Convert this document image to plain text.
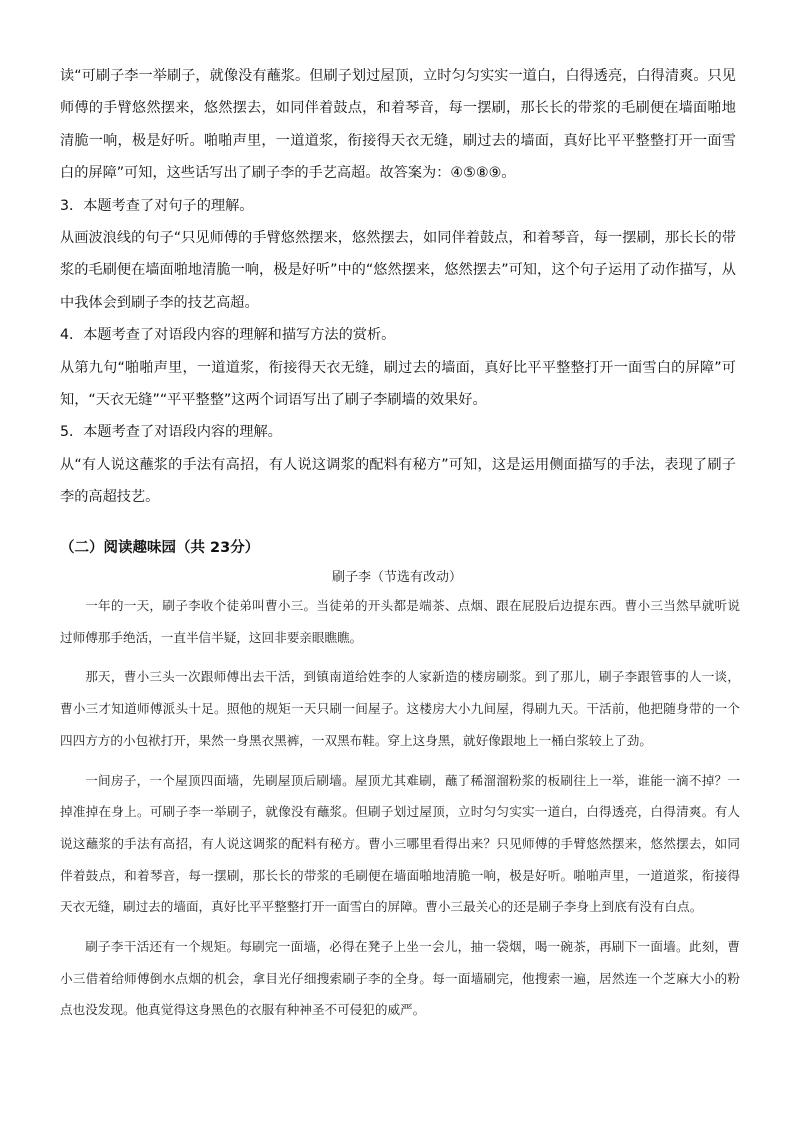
读“可刷子李一举刷子，就像没有蘸浆。但刷子划过屋顶，立时匀匀实实一道白，白得透亮，白得清爽。只见师傅的手臂悠然摆来，悠然摆去，如同伴着鼓点，和着琴音，每一摆刷，那长长的带浆的毛刷便在墙面啪地清脆一响，极是好听。啪啪声里，一道道浆，衔接得天衣无缝，刷过去的墙面，真好比平平整整打开一面雪白的屏障”可知，这些话写出了刷子李的手艺高超。故答案为：④⑤⑧⑨。

3．本题考查了对句子的理解。

从画波浪线的句子“只见师傅的手臂悠然摆来，悠然摆去，如同伴着鼓点，和着琴音，每一摆刷，那长长的带浆的毛刷便在墙面啪地清脆一响，极是好听”中的“悠然摆来，悠然摆去”可知，这个句子运用了动作描写，从中我体会到刷子李的技艺高超。

4．本题考查了对语段内容的理解和描写方法的赏析。

从第九句“啪啪声里，一道道浆，衔接得天衣无缝，刷过去的墙面，真好比平平整整打开一面雪白的屏障”可知，“天衣无缝”“平平整整”这两个词语写出了刷子李刷墙的效果好。

5．本题考查了对语段内容的理解。

从“有人说这蘸浆的手法有高招，有人说这调浆的配料有秘方”可知，这是运用侧面描写的手法，表现了刷子李的高超技艺。

（二）阅读趣味园（共 23分）
刷子李（节选有改动）

一年的一天，刷子李收个徒弟叫曹小三。当徒弟的开头都是端茶、点烟、跟在屁股后边提东西。曹小三当然早就听说过师傅那手绝活，一直半信半疑，这回非要亲眼瞧瞧。

那天，曹小三头一次跟师傅出去干活，到镇南道给姓李的人家新造的楼房刷浆。到了那儿，刷子李跟管事的人一谈，曹小三才知道师傅派头十足。照他的规矩一天只刷一间屋子。这楼房大小九间屋，得刷九天。干活前，他把随身带的一个四四方方的小包袱打开，果然一身黑衣黑裤，一双黑布鞋。穿上这身黑，就好像跟地上一桶白浆较上了劲。

一间房子，一个屋顶四面墙，先刷屋顶后刷墙。屋顶尤其难刷，蘸了稀溜溜粉浆的板刷往上一举，谁能一滴不掉？一掉准掉在身上。可刷子李一举刷子，就像没有蘸浆。但刷子划过屋顶，立时匀匀实实一道白，白得透亮，白得清爽。有人说这蘸浆的手法有高招，有人说这调浆的配料有秘方。曹小三哪里看得出来？只见师傅的手臂悠然摆来，悠然摆去，如同伴着鼓点，和着琴音，每一摆刷，那长长的带浆的毛刷便在墙面啪地清脆一响，极是好听。啪啪声里，一道道浆，衔接得天衣无缝，刷过去的墙面，真好比平平整整打开一面雪白的屏障。曹小三最关心的还是刷子李身上到底有没有白点。

刷子李干活还有一个规矩。每刷完一面墙，必得在凳子上坐一会儿，抽一袋烟，喝一碗茶，再刷下一面墙。此刻，曹小三借着给师傅倒水点烟的机会，拿目光仔细搜索刷子李的全身。每一面墙刷完，他搜索一遍，居然连一个芝麻大小的粉点也没发现。他真觉得这身黑色的衣服有种神圣不可侵犯的威严。
